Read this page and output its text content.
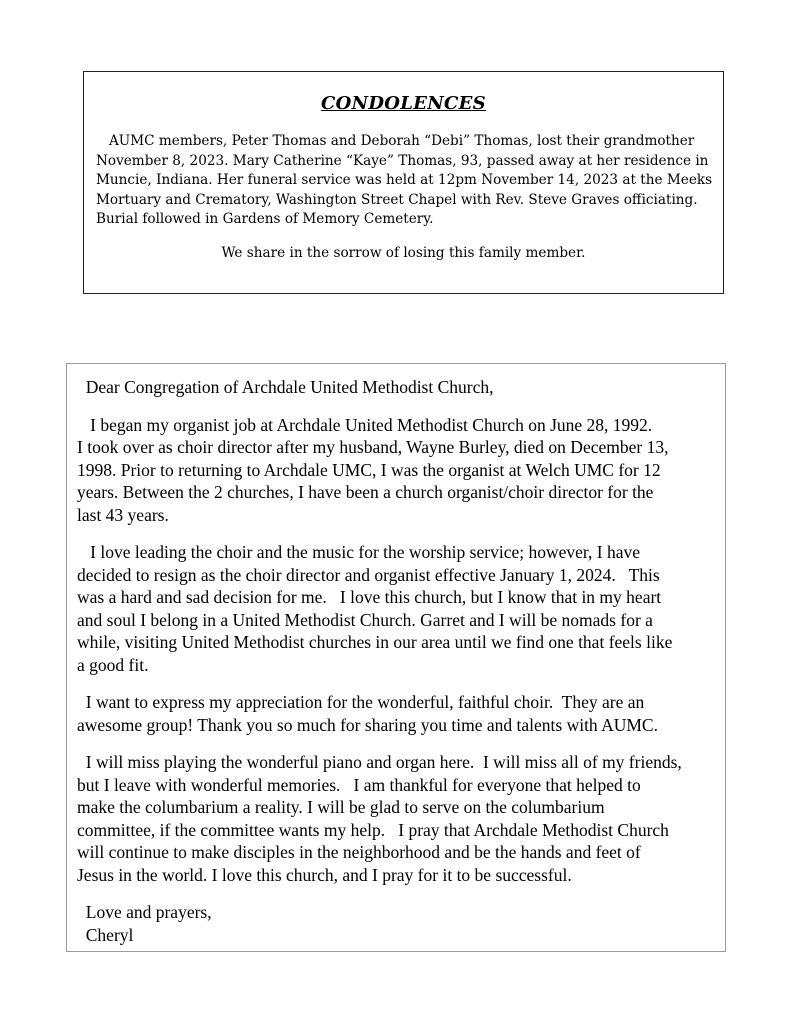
CONDOLENCES
AUMC members, Peter Thomas and Deborah “Debi” Thomas, lost their grandmother
November 8, 2023. Mary Catherine “Kaye” Thomas, 93, passed away at her residence in
Muncie, Indiana. Her funeral service was held at 12pm November 14, 2023 at the Meeks
Mortuary and Crematory, Washington Street Chapel with Rev. Steve Graves officiating.
Burial followed in Gardens of Memory Cemetery.
We share in the sorrow of losing this family member.
Dear Congregation of Archdale United Methodist Church,
I began my organist job at Archdale United Methodist Church on June 28, 1992.
I took over as choir director after my husband, Wayne Burley, died on December 13,
1998. Prior to returning to Archdale UMC, I was the organist at Welch UMC for 12
years. Between the 2 churches, I have been a church organist/choir director for the
last 43 years.
I love leading the choir and the music for the worship service; however, I have
decided to resign as the choir director and organist effective January 1, 2024.   This
was a hard and sad decision for me.   I love this church, but I know that in my heart
and soul I belong in a United Methodist Church. Garret and I will be nomads for a
while, visiting United Methodist churches in our area until we find one that feels like
a good fit.
I want to express my appreciation for the wonderful, faithful choir.  They are an
awesome group! Thank you so much for sharing you time and talents with AUMC.
I will miss playing the wonderful piano and organ here.  I will miss all of my friends,
but I leave with wonderful memories.   I am thankful for everyone that helped to
make the columbarium a reality. I will be glad to serve on the columbarium
committee, if the committee wants my help.   I pray that Archdale Methodist Church
will continue to make disciples in the neighborhood and be the hands and feet of
Jesus in the world. I love this church, and I pray for it to be successful.
Love and prayers,
Cheryl
